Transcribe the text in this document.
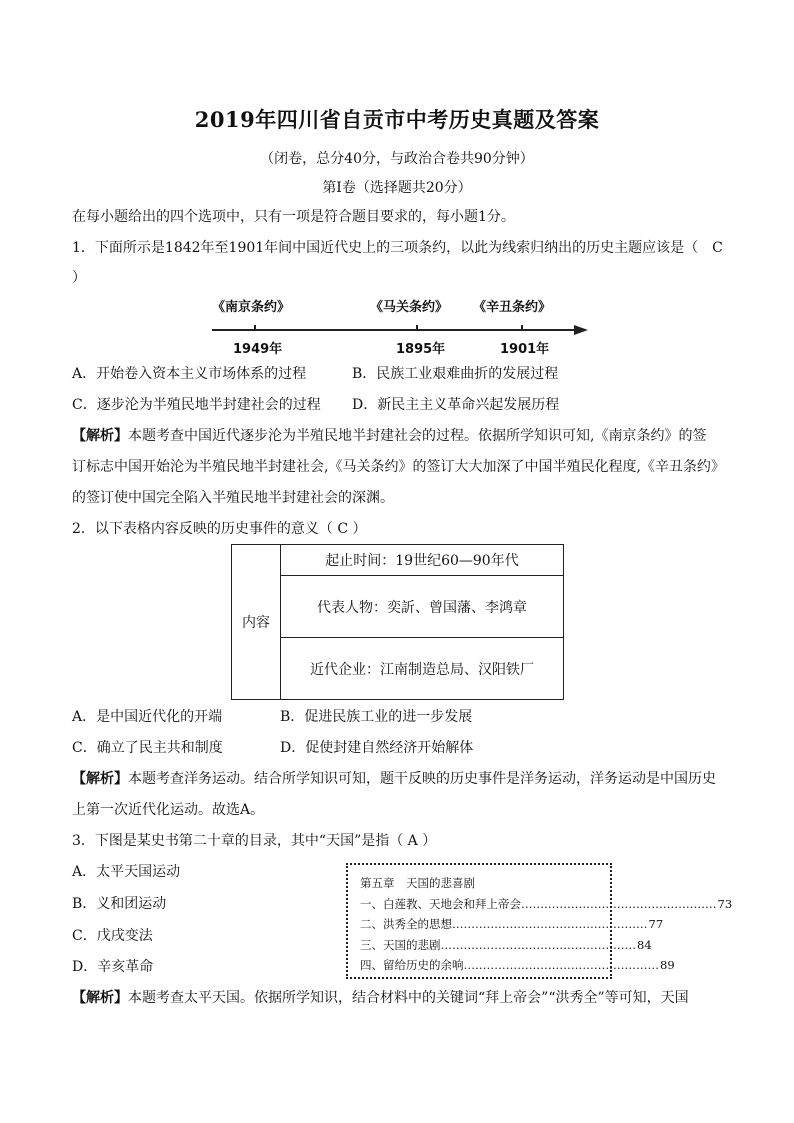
2019年四川省自贡市中考历史真题及答案
（闭卷，总分40分，与政治合卷共90分钟）
第Ⅰ卷（选择题共20分）
在每小题给出的四个选项中，只有一项是符合题目要求的，每小题1分。
1．下面所示是1842年至1901年间中国近代史上的三项条约，以此为线索归纳出的历史主题应该是（　C
）
《南京条约》	《马关条约》 《辛丑条约》
1949年	1895年	1901年
A．开始卷入资本主义市场体系的过程	B．民族工业艰难曲折的发展过程
C．逐步沦为半殖民地半封建社会的过程 D．新民主主义革命兴起发展历程
【解析】本题考查中国近代逐步沦为半殖民地半封建社会的过程。依据所学知识可知,《南京条约》的签
订标志中国开始沦为半殖民地半封建社会,《马关条约》的签订大大加深了中国半殖民化程度,《辛丑条约》
的签订使中国完全陷入半殖民地半封建社会的深渊。
2．以下表格内容反映的历史事件的意义（ C ）
内容	起止时间：19世纪60—90年代
代表人物：奕訢、曾国藩、李鸿章
近代企业：江南制造总局、汉阳铁厂
A．是中国近代化的开端	B．促进民族工业的进一步发展
C．确立了民主共和制度	D．促使封建自然经济开始解体
【解析】本题考查洋务运动。结合所学知识可知，题干反映的历史事件是洋务运动，洋务运动是中国历史
上第一次近代化运动。故选A。
3．下图是某史书第二十章的目录，其中“天国”是指（ A ）
A．太平天国运动
B．义和团运动
C．戊戌变法
D．辛亥革命
第五章　天国的悲喜剧
一、白莲教、天地会和拜上帝会 …………………………………………… 73
二、洪秀全的思想 …………………………………………… 77
三、天国的悲剧 …………………………………………… 84
四、留给历史的余响 …………………………………………… 89
【解析】本题考查太平天国。依据所学知识，结合材料中的关键词“拜上帝会”“洪秀全”等可知，天国
